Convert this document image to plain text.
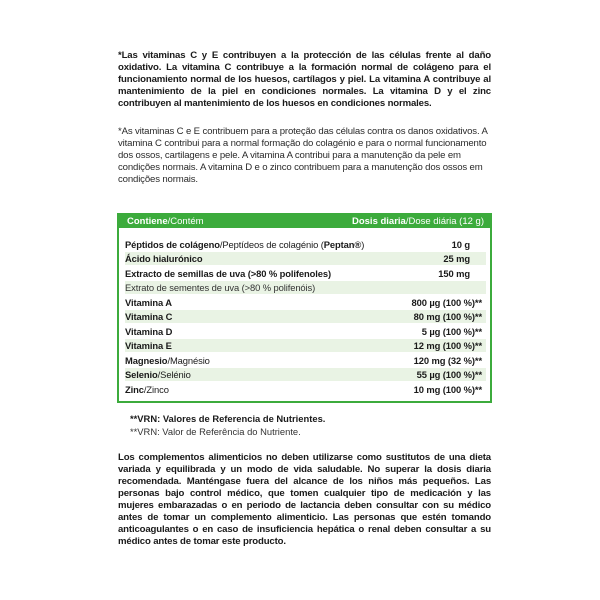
*Las vitaminas C y E contribuyen a la protección de las células frente al daño oxidativo. La vitamina C contribuye a la formación normal de colágeno para el funcionamiento normal de los huesos, cartílagos y piel. La vitamina A contribuye al mantenimiento de la piel en condiciones normales. La vitamina D y el zinc contribuyen al mantenimiento de los huesos en condiciones normales.
*As vitaminas C e E contribuem para a proteção das células contra os danos oxidativos. A vitamina C contribui para a normal formação do colagénio e para o normal funcionamento dos ossos, cartilagens e pele. A vitamina A contribui para a manutenção da pele em condições normais. A vitamina D e o zinco contribuem para a manutenção dos ossos em condições normais.
Contiene/Contém	Dosis diaria/Dose diária (12 g)
Péptidos de colágeno/Peptídeos de colagénio (Peptan®)	10 g
Ácido hialurónico	25 mg
Extracto de semillas de uva (>80 % polifenoles)	150 mg
Extrato de sementes de uva (>80 % polifenóis)
Vitamina A	800 µg (100 %)**
Vitamina C	80 mg (100 %)**
Vitamina D	5 µg (100 %)**
Vitamina E	12 mg (100 %)**
Magnesio/Magnésio	120 mg (32 %)**
Selenio/Selénio	55 µg (100 %)**
Zinc/Zinco	10 mg (100 %)**
**VRN: Valores de Referencia de Nutrientes.
**VRN: Valor de Referência do Nutriente.
Los complementos alimenticios no deben utilizarse como sustitutos de una dieta variada y equilibrada y un modo de vida saludable. No superar la dosis diaria recomendada. Manténgase fuera del alcance de los niños más pequeños. Las personas bajo control médico, que tomen cualquier tipo de medicación y las mujeres embarazadas o en periodo de lactancia deben consultar con su médico antes de tomar un complemento alimenticio. Las personas que estén tomando anticoagulantes o en caso de insuficiencia hepática o renal deben consultar a su médico antes de tomar este producto.
